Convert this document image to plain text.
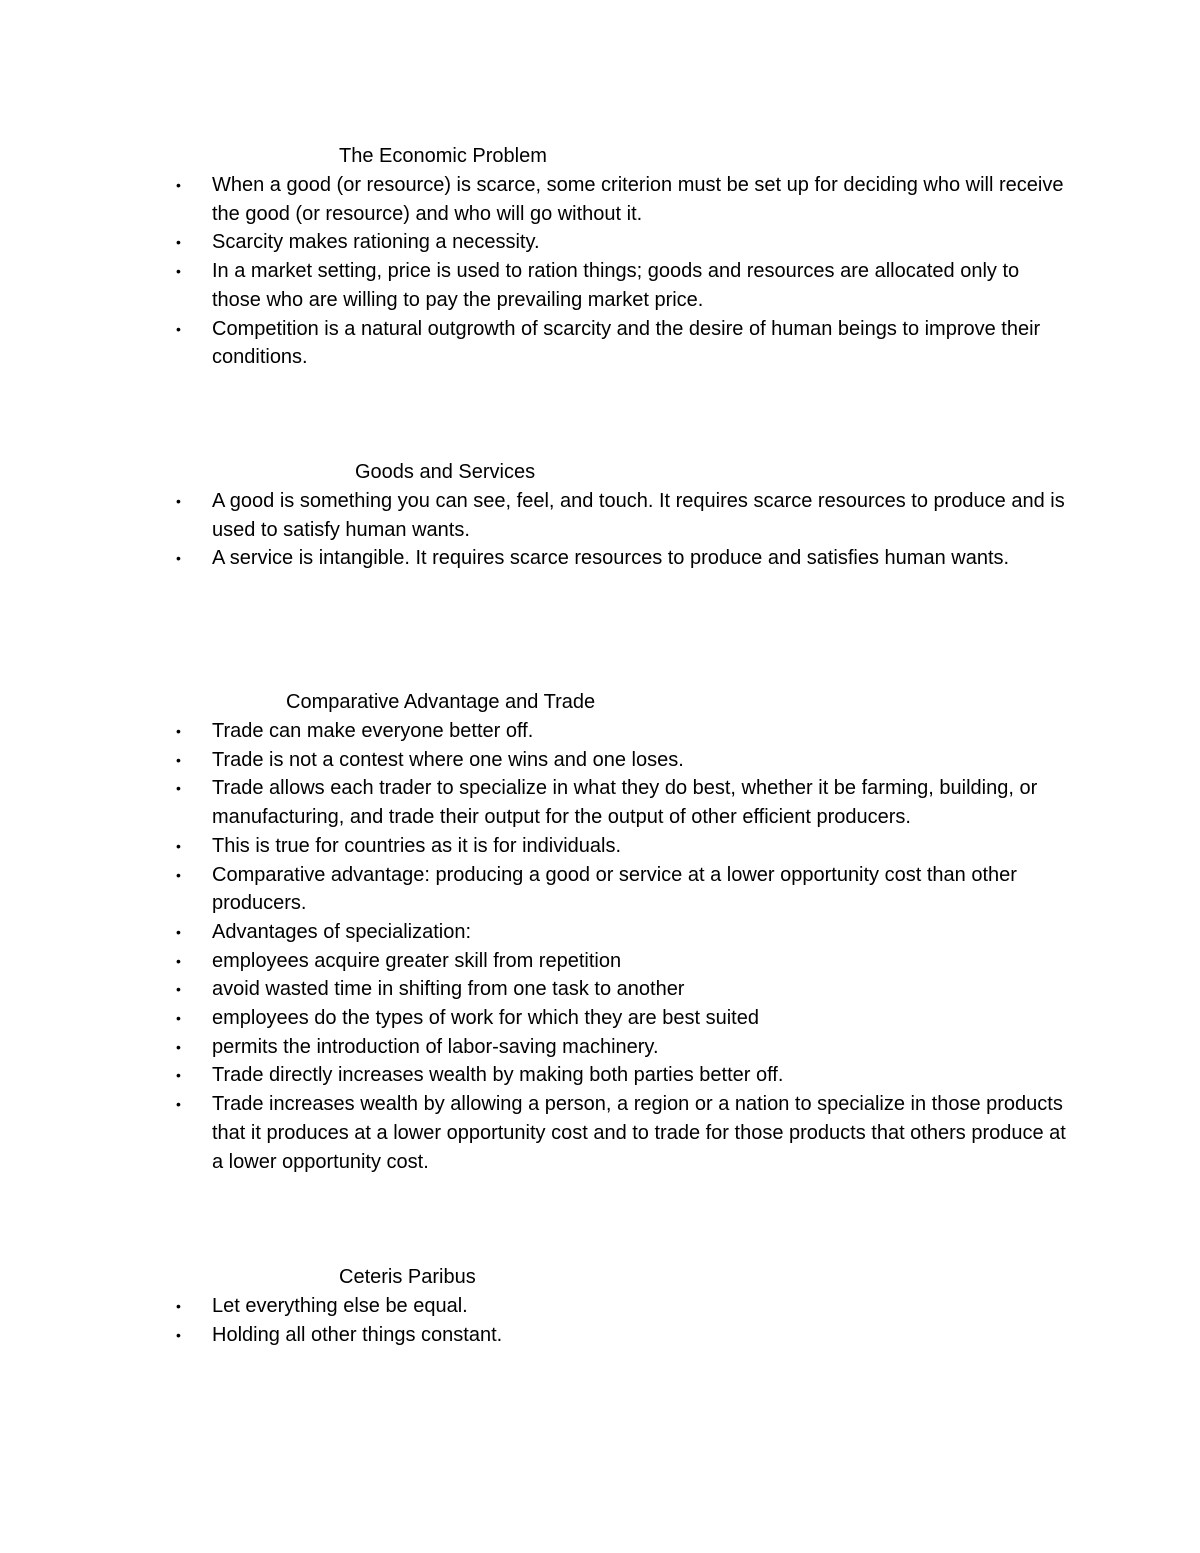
The Economic Problem
• When a good (or resource) is scarce, some criterion must be set up for deciding who will receive the good (or resource) and who will go without it.
• Scarcity makes rationing a necessity.
• In a market setting, price is used to ration things; goods and resources are allocated only to those who are willing to pay the prevailing market price.
• Competition is a natural outgrowth of scarcity and the desire of human beings to improve their conditions.
Goods and Services
• A good is something you can see, feel, and touch. It requires scarce resources to produce and is used to satisfy human wants.
• A service is intangible. It requires scarce resources to produce and satisfies human wants.
Comparative Advantage and Trade
• Trade can make everyone better off.
• Trade is not a contest where one wins and one loses.
• Trade allows each trader to specialize in what they do best, whether it be farming, building, or manufacturing, and trade their output for the output of other efficient producers.
• This is true for countries as it is for individuals.
• Comparative advantage: producing a good or service at a lower opportunity cost than other producers.
• Advantages of specialization:
• employees acquire greater skill from repetition
• avoid wasted time in shifting from one task to another
• employees do the types of work for which they are best suited
• permits the introduction of labor-saving machinery.
• Trade directly increases wealth by making both parties better off.
• Trade increases wealth by allowing a person, a region or a nation to specialize in those products that it produces at a lower opportunity cost and to trade for those products that others produce at a lower opportunity cost.
Ceteris Paribus
• Let everything else be equal.
• Holding all other things constant.
